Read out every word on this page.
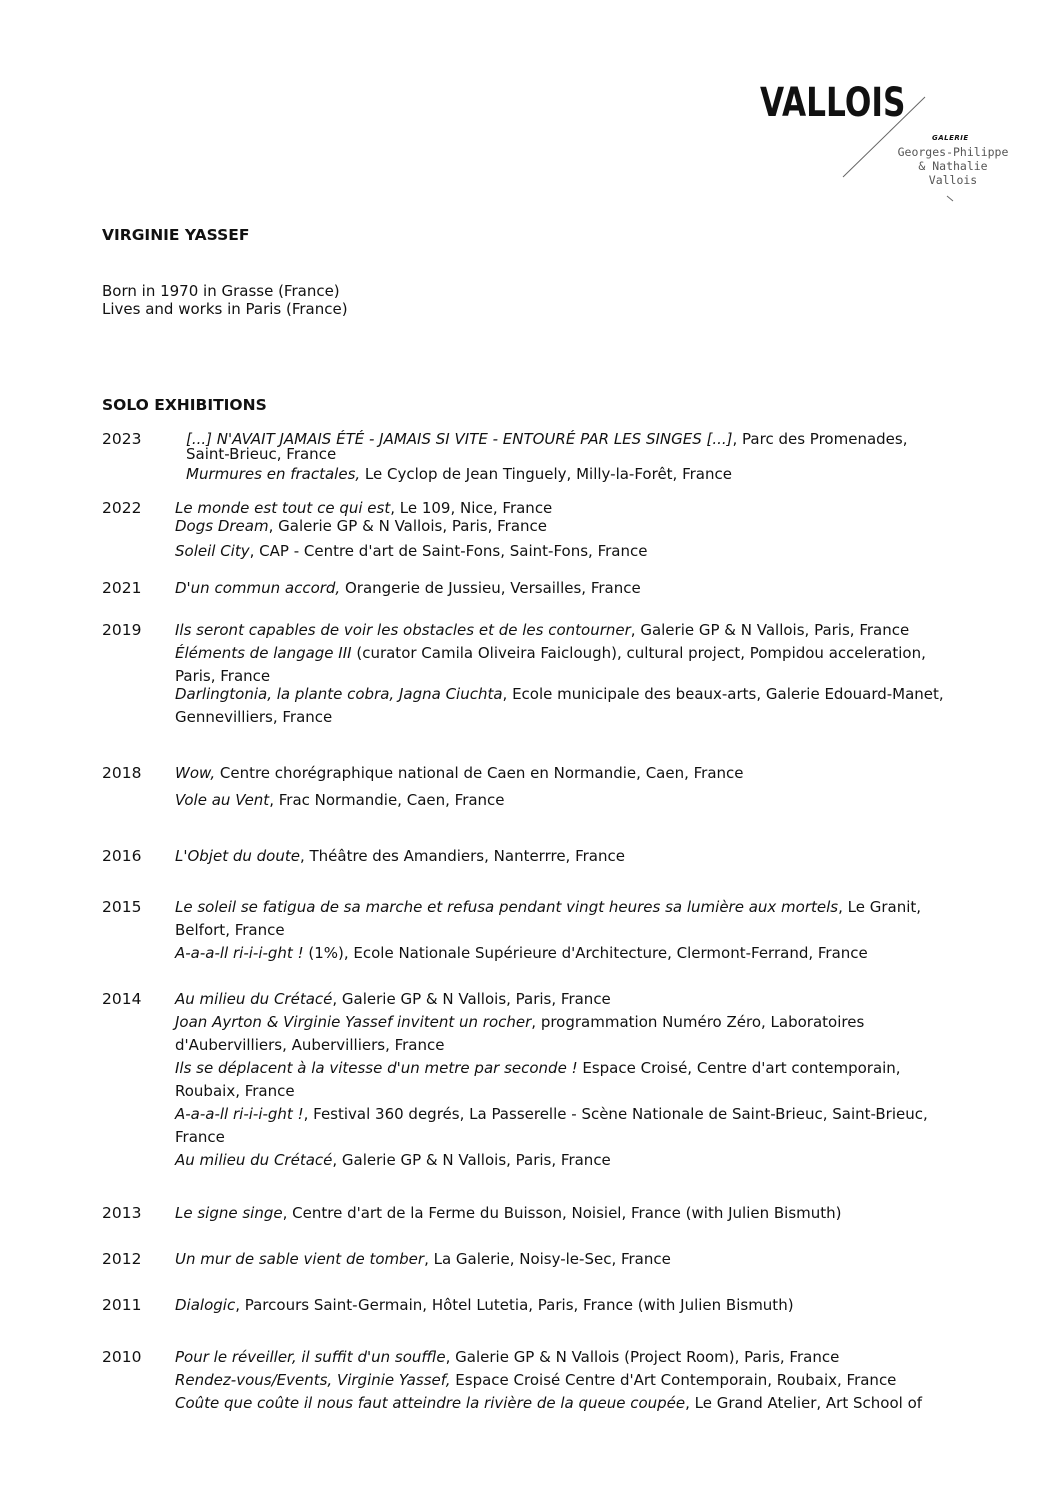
VALLOIS
GALERIE
Georges-Philippe
& Nathalie
Vallois
VIRGINIE YASSEF
Born in 1970 in Grasse (France)
Lives and works in Paris (France)
SOLO EXHIBITIONS
2023	[...] N'AVAIT JAMAIS ÉTÉ - JAMAIS SI VITE - ENTOURÉ PAR LES SINGES [...], Parc des Promenades,
Saint-Brieuc, France
Murmures en fractales, Le Cyclop de Jean Tinguely, Milly-la-Forêt, France
2022 Le monde est tout ce qui est, Le 109, Nice, France
Dogs Dream, Galerie GP & N Vallois, Paris, France
Soleil City, CAP - Centre d'art de Saint-Fons, Saint-Fons, France
2021 D'un commun accord, Orangerie de Jussieu, Versailles, France
2019 Ils seront capables de voir les obstacles et de les contourner, Galerie GP & N Vallois, Paris, France
Éléments de langage III (curator Camila Oliveira Faiclough), cultural project, Pompidou acceleration,
Paris, France
Darlingtonia, la plante cobra, Jagna Ciuchta, Ecole municipale des beaux-arts, Galerie Edouard-Manet,
Gennevilliers, France
2018 Wow, Centre chorégraphique national de Caen en Normandie, Caen, France
Vole au Vent, Frac Normandie, Caen, France
2016 L'Objet du doute, Théâtre des Amandiers, Nanterrre, France
2015 Le soleil se fatigua de sa marche et refusa pendant vingt heures sa lumière aux mortels, Le Granit,
Belfort, France
A-a-a-ll ri-i-i-ght ! (1%), Ecole Nationale Supérieure d'Architecture, Clermont-Ferrand, France
2014 Au milieu du Crétacé, Galerie GP & N Vallois, Paris, France
Joan Ayrton & Virginie Yassef invitent un rocher, programmation Numéro Zéro, Laboratoires
d'Aubervilliers, Aubervilliers, France
Ils se déplacent à la vitesse d'un metre par seconde ! Espace Croisé, Centre d'art contemporain,
Roubaix, France
A-a-a-ll ri-i-i-ght !, Festival 360 degrés, La Passerelle - Scène Nationale de Saint-Brieuc, Saint-Brieuc,
France
Au milieu du Crétacé, Galerie GP & N Vallois, Paris, France
2013 Le signe singe, Centre d'art de la Ferme du Buisson, Noisiel, France (with Julien Bismuth)
2012 Un mur de sable vient de tomber, La Galerie, Noisy-le-Sec, France
2011 Dialogic, Parcours Saint-Germain, Hôtel Lutetia, Paris, France (with Julien Bismuth)
2010 Pour le réveiller, il suffit d'un souffle, Galerie GP & N Vallois (Project Room), Paris, France
Rendez-vous/Events, Virginie Yassef, Espace Croisé Centre d'Art Contemporain, Roubaix, France
Coûte que coûte il nous faut atteindre la rivière de la queue coupée, Le Grand Atelier, Art School of
